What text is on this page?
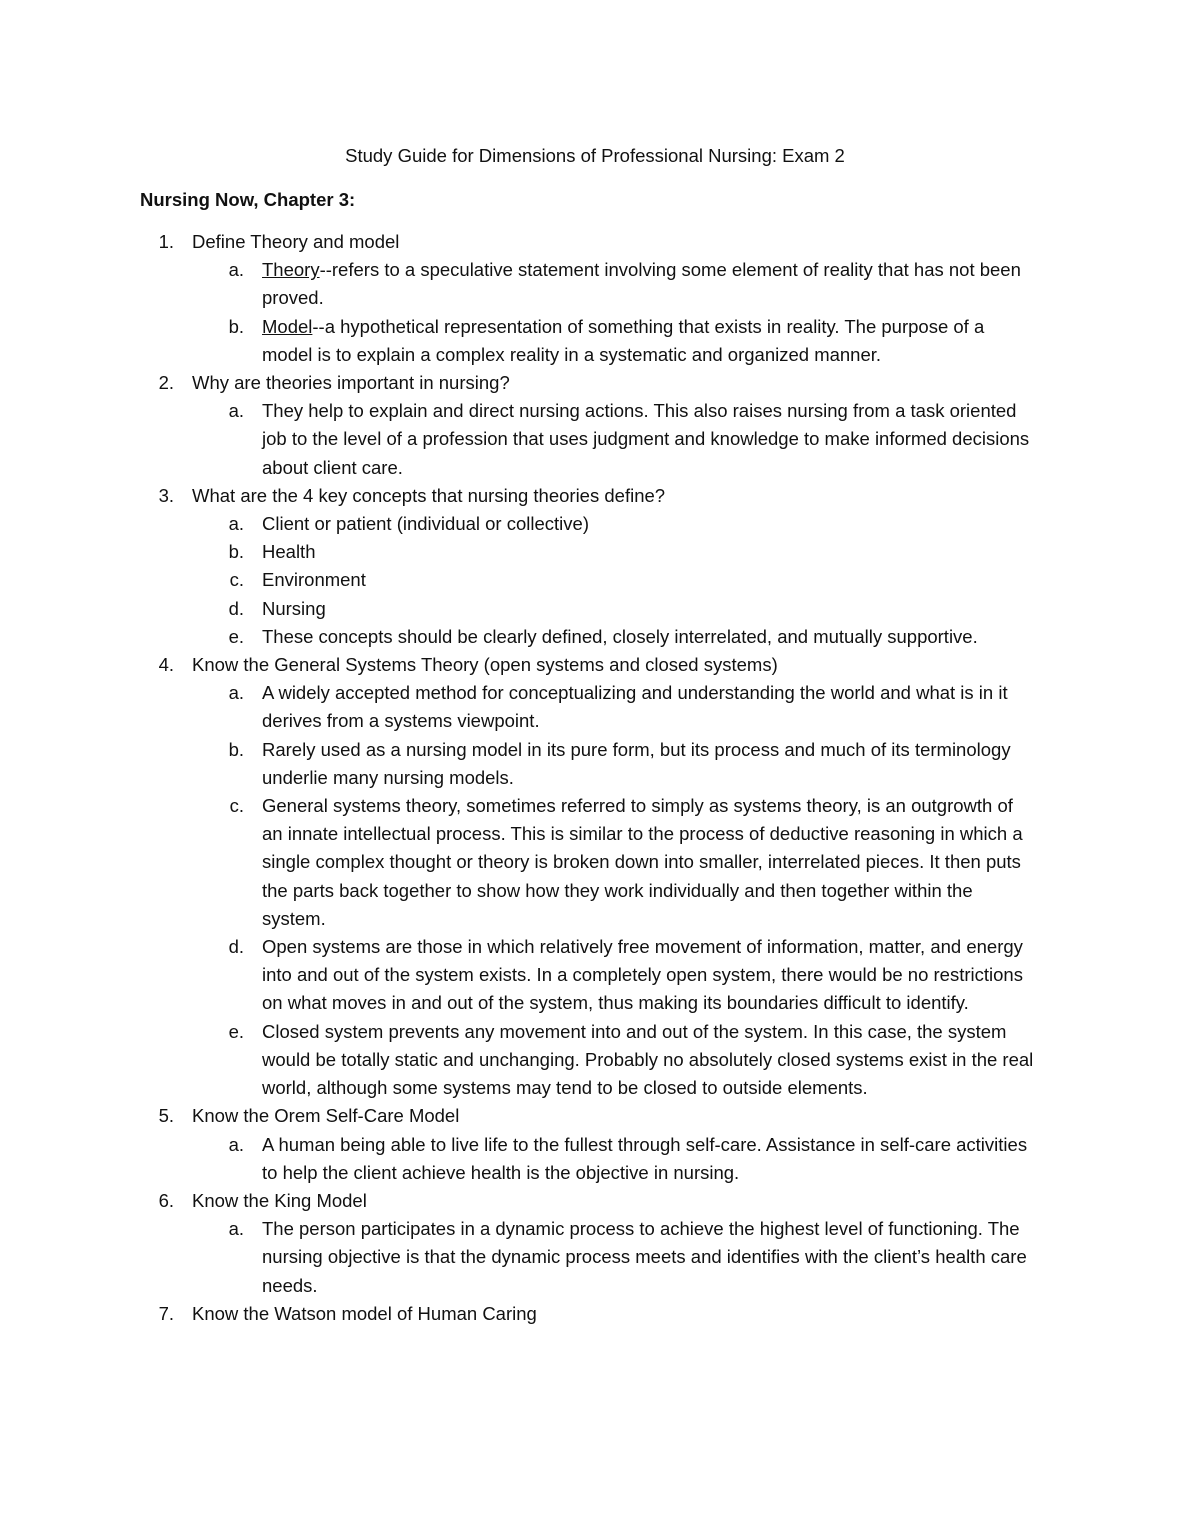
Study Guide for Dimensions of Professional Nursing: Exam 2
Nursing Now, Chapter 3:
1. Define Theory and model
a. Theory--refers to a speculative statement involving some element of reality that has not been proved.
b. Model--a hypothetical representation of something that exists in reality. The purpose of a model is to explain a complex reality in a systematic and organized manner.
2. Why are theories important in nursing?
a. They help to explain and direct nursing actions. This also raises nursing from a task oriented job to the level of a profession that uses judgment and knowledge to make informed decisions about client care.
3. What are the 4 key concepts that nursing theories define?
a. Client or patient (individual or collective)
b. Health
c. Environment
d. Nursing
e. These concepts should be clearly defined, closely interrelated, and mutually supportive.
4. Know the General Systems Theory (open systems and closed systems)
a. A widely accepted method for conceptualizing and understanding the world and what is in it derives from a systems viewpoint.
b. Rarely used as a nursing model in its pure form, but its process and much of its terminology underlie many nursing models.
c. General systems theory, sometimes referred to simply as systems theory, is an outgrowth of an innate intellectual process. This is similar to the process of deductive reasoning in which a single complex thought or theory is broken down into smaller, interrelated pieces. It then puts the parts back together to show how they work individually and then together within the system.
d. Open systems are those in which relatively free movement of information, matter, and energy into and out of the system exists. In a completely open system, there would be no restrictions on what moves in and out of the system, thus making its boundaries difficult to identify.
e. Closed system prevents any movement into and out of the system. In this case, the system would be totally static and unchanging. Probably no absolutely closed systems exist in the real world, although some systems may tend to be closed to outside elements.
5. Know the Orem Self-Care Model
a. A human being able to live life to the fullest through self-care. Assistance in self-care activities to help the client achieve health is the objective in nursing.
6. Know the King Model
a. The person participates in a dynamic process to achieve the highest level of functioning. The nursing objective is that the dynamic process meets and identifies with the client’s health care needs.
7. Know the Watson model of Human Caring
